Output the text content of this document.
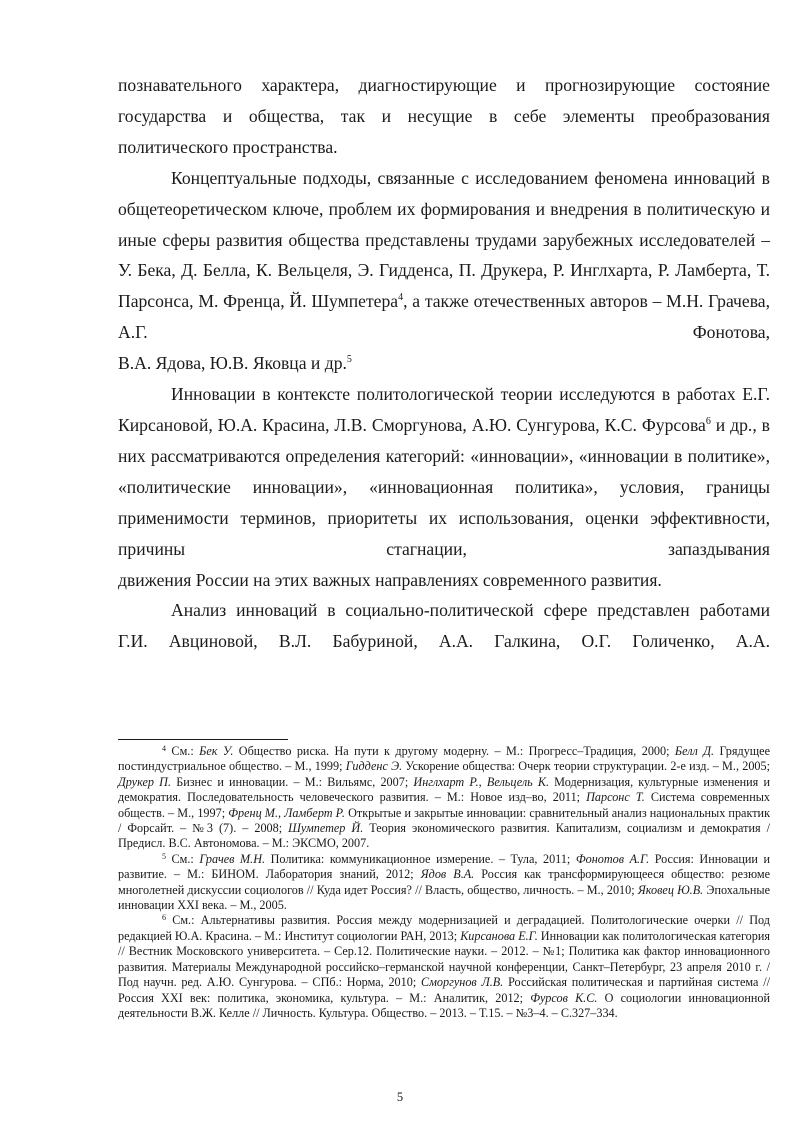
познавательного характера, диагностирующие и прогнозирующие состояние государства и общества, так и несущие в себе элементы преобразования

политического пространства.

Концептуальные подходы, связанные с исследованием феномена инноваций в общетеоретическом ключе, проблем их формирования и внедрения в политическую и иные сферы развития общества представлены трудами зарубежных исследователей – У. Бека, Д. Белла, К. Вельцеля, Э. Гидденса, П. Друкера, Р. Инглхарта, Р. Ламберта, Т. Парсонса, М. Френца, Й. Шумпетера$^4$, а также отечественных авторов – М.Н. Грачева, А.Г. Фонотова,

В.А. Ядова, Ю.В. Яковца и др.$^5$

Инновации в контексте политологической теории исследуются в работах Е.Г. Кирсановой, Ю.А. Красина, Л.В. Сморгунова, А.Ю. Сунгурова, К.С. Фурсова$^6$ и др., в них рассматриваются определения категорий: «инновации», «инновации в политике», «политические инновации», «инновационная политика», условия, границы применимости терминов, приоритеты их использования, оценки эффективности, причины стагнации, запаздывания

движения России на этих важных направлениях современного развития.

Анализ инноваций в социально-политической сфере представлен работами Г.И. Авциновой, В.Л. Бабуриной, А.А. Галкина, О.Г. Голиченко, А.А.

$^4$ См.: Бек У. Общество риска. На пути к другому модерну. – М.: Прогресс–Традиция, 2000; Белл Д. Грядущее постиндустриальное общество. – М., 1999; Гидденс Э. Ускорение общества: Очерк теории структурации. 2-е изд. – М., 2005; Друкер П. Бизнес и инновации. – М.: Вильямс, 2007; Инглхарт Р., Вельцель К. Модернизация, культурные изменения и демократия. Последовательность человеческого развития. – М.: Новое изд–во, 2011; Парсонс Т. Система современных обществ. – М., 1997; Френц М., Ламберт Р. Открытые и закрытые инновации: сравнительный анализ национальных практик / Форсайт. – №3 (7). – 2008; Шумпетер Й. Теория экономического развития. Капитализм, социализм и демократия / Предисл. В.С. Автономова. – М.: ЭКСМО, 2007.

$^5$ См.: Грачев М.Н. Политика: коммуникационное измерение. – Тула, 2011; Фонотов А.Г. Россия: Инновации и развитие. – М.: БИНОМ. Лаборатория знаний, 2012; Ядов В.А. Россия как трансформирующееся общество: резюме многолетней дискуссии социологов // Куда идет Россия? // Власть, общество, личность. – М., 2010; Яковец Ю.В. Эпохальные инновации XXI века. – М., 2005.

$^6$ См.: Альтернативы развития. Россия между модернизацией и деградацией. Политологические очерки // Под редакцией Ю.А. Красина. – М.: Институт социологии РАН, 2013; Кирсанова Е.Г. Инновации как политологическая категория // Вестник Московского университета. – Сер.12. Политические науки. – 2012. – №1; Политика как фактор инновационного развития. Материалы Международной российско–германской научной конференции, Санкт–Петербург, 23 апреля 2010 г. / Под научн. ред. А.Ю. Сунгурова. – СПб.: Норма, 2010; Сморгунов Л.В. Российская политическая и партийная система // Россия XXI век: политика, экономика, культура. – М.: Аналитик, 2012; Фурсов К.С. О социологии инновационной деятельности В.Ж. Келле // Личность. Культура. Общество. – 2013. – Т.15. – №3–4. – С.327–334.

5
